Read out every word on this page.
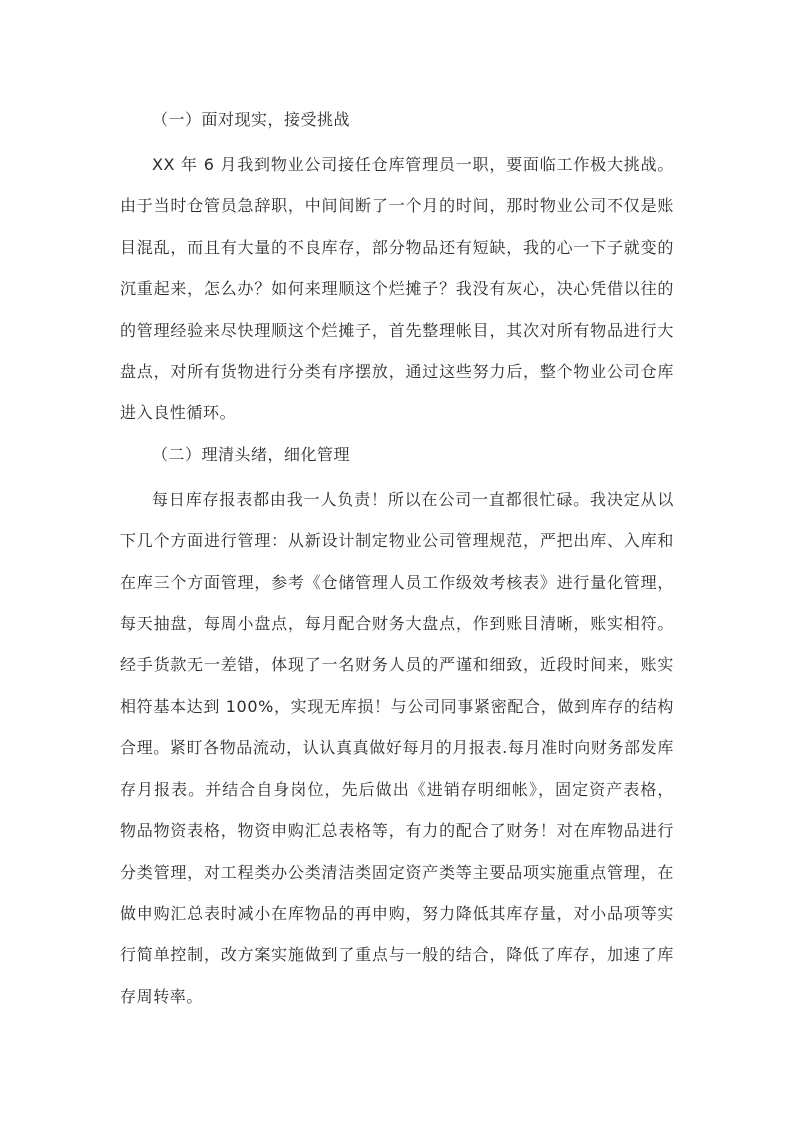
（一）面对现实，接受挑战

XX 年 6 月我到物业公司接任仓库管理员一职，要面临工作极大挑战。由于当时仓管员急辞职，中间间断了一个月的时间，那时物业公司不仅是账目混乱，而且有大量的不良库存，部分物品还有短缺，我的心一下子就变的沉重起来，怎么办？如何来理顺这个烂摊子？我没有灰心，决心凭借以往的的管理经验来尽快理顺这个烂摊子，首先整理帐目，其次对所有物品进行大盘点，对所有货物进行分类有序摆放，通过这些努力后，整个物业公司仓库进入良性循环。

（二）理清头绪，细化管理

每日库存报表都由我一人负责！所以在公司一直都很忙碌。我决定从以下几个方面进行管理：从新设计制定物业公司管理规范，严把出库、入库和在库三个方面管理，参考《仓储管理人员工作级效考核表》进行量化管理，每天抽盘，每周小盘点，每月配合财务大盘点，作到账目清晰，账实相符。经手货款无一差错，体现了一名财务人员的严谨和细致，近段时间来，账实相符基本达到 100%，实现无库损！与公司同事紧密配合，做到库存的结构合理。紧盯各物品流动，认认真真做好每月的月报表.每月准时向财务部发库存月报表。并结合自身岗位，先后做出《进销存明细帐》，固定资产表格，物品物资表格，物资申购汇总表格等，有力的配合了财务！对在库物品进行分类管理，对工程类办公类清洁类固定资产类等主要品项实施重点管理，在做申购汇总表时减小在库物品的再申购，努力降低其库存量，对小品项等实行简单控制，改方案实施做到了重点与一般的结合，降低了库存，加速了库存周转率。
